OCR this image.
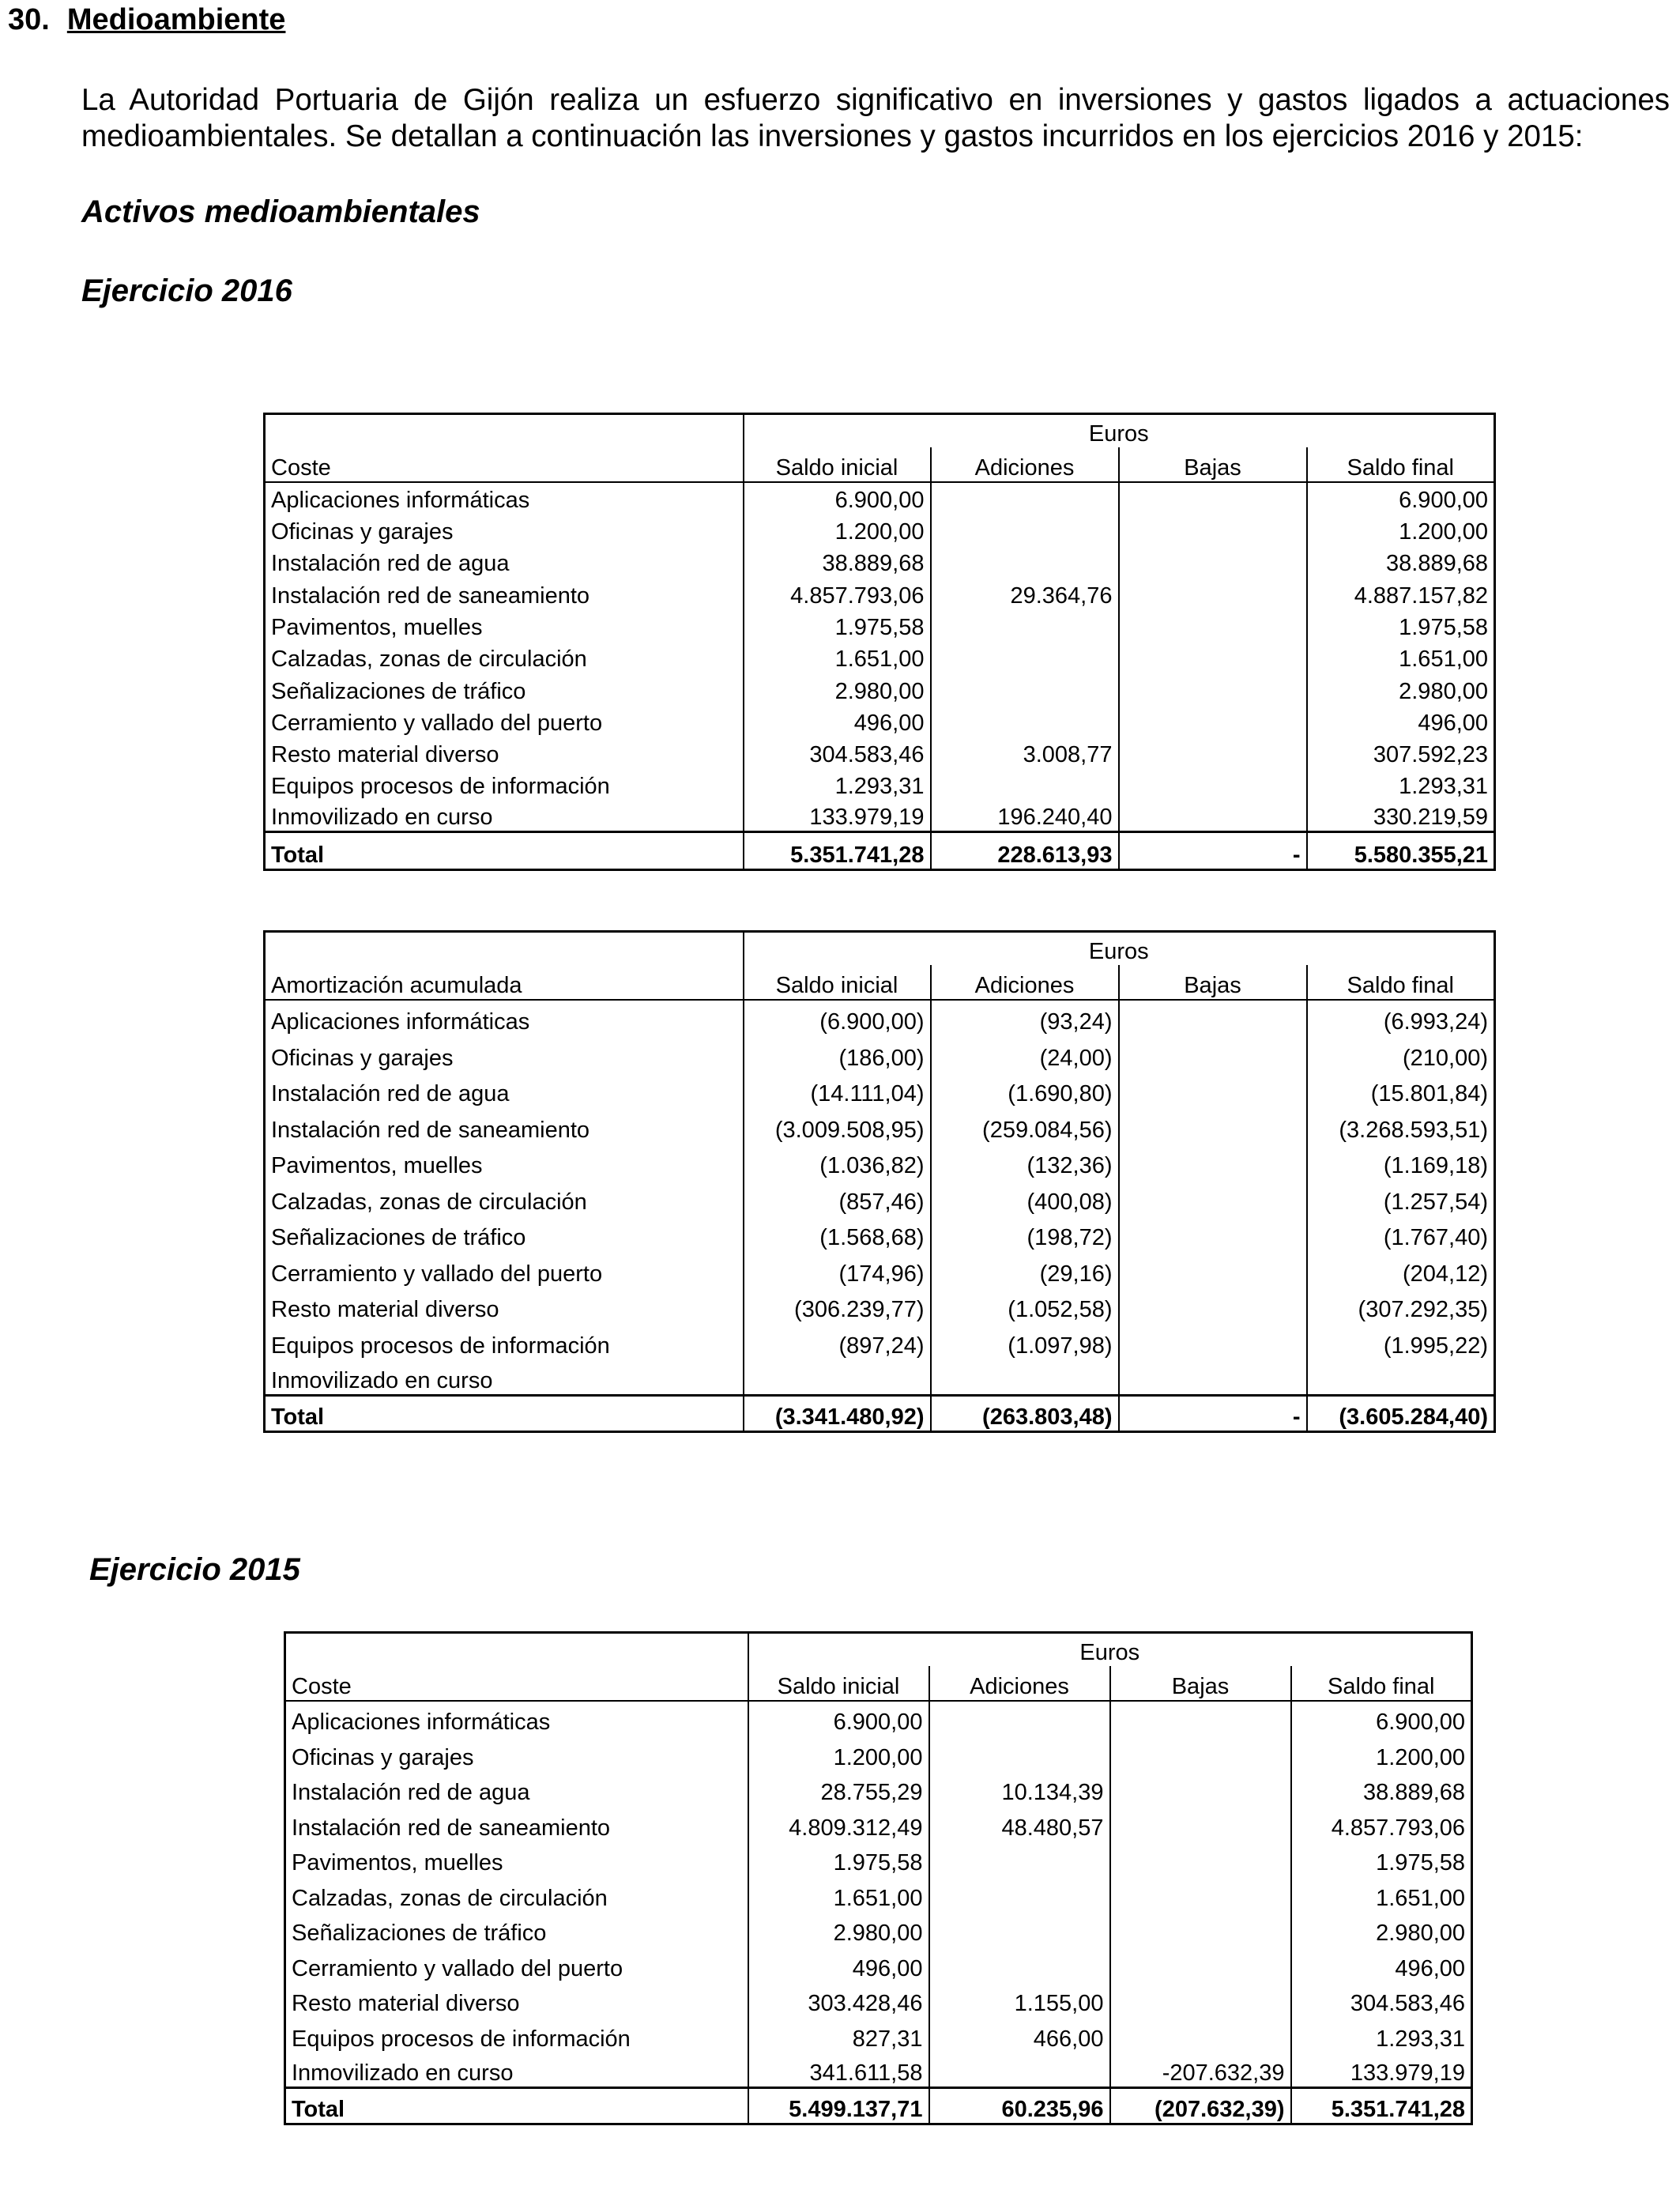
30. Medioambiente
La Autoridad Portuaria de Gijón realiza un esfuerzo significativo en inversiones y gastos ligados a actuaciones medioambientales. Se detallan a continuación las inversiones y gastos incurridos en los ejercicios 2016 y 2015:
Activos medioambientales
Ejercicio 2016
	Euros			
Coste	Saldo inicial	Adiciones	Bajas	Saldo final
Aplicaciones informáticas	6.900,00			6.900,00
Oficinas y garajes	1.200,00			1.200,00
Instalación red de agua	38.889,68			38.889,68
Instalación red de saneamiento	4.857.793,06	29.364,76		4.887.157,82
Pavimentos, muelles	1.975,58			1.975,58
Calzadas, zonas de circulación	1.651,00			1.651,00
Señalizaciones de tráfico	2.980,00			2.980,00
Cerramiento y vallado del puerto	496,00			496,00
Resto material diverso	304.583,46	3.008,77		307.592,23
Equipos procesos de información	1.293,31			1.293,31
Inmovilizado en curso	133.979,19	196.240,40		330.219,59
Total	5.351.741,28	228.613,93	-	5.580.355,21
	Euros			
Amortización acumulada	Saldo inicial	Adiciones	Bajas	Saldo final
Aplicaciones informáticas	(6.900,00)	(93,24)		(6.993,24)
Oficinas y garajes	(186,00)	(24,00)		(210,00)
Instalación red de agua	(14.111,04)	(1.690,80)		(15.801,84)
Instalación red de saneamiento	(3.009.508,95)	(259.084,56)		(3.268.593,51)
Pavimentos, muelles	(1.036,82)	(132,36)		(1.169,18)
Calzadas, zonas de circulación	(857,46)	(400,08)		(1.257,54)
Señalizaciones de tráfico	(1.568,68)	(198,72)		(1.767,40)
Cerramiento y vallado del puerto	(174,96)	(29,16)		(204,12)
Resto material diverso	(306.239,77)	(1.052,58)		(307.292,35)
Equipos procesos de información	(897,24)	(1.097,98)		(1.995,22)
Inmovilizado en curso				
Total	(3.341.480,92)	(263.803,48)	-	(3.605.284,40)
Ejercicio 2015
	Euros			
Coste	Saldo inicial	Adiciones	Bajas	Saldo final
Aplicaciones informáticas	6.900,00			6.900,00
Oficinas y garajes	1.200,00			1.200,00
Instalación red de agua	28.755,29	10.134,39		38.889,68
Instalación red de saneamiento	4.809.312,49	48.480,57		4.857.793,06
Pavimentos, muelles	1.975,58			1.975,58
Calzadas, zonas de circulación	1.651,00			1.651,00
Señalizaciones de tráfico	2.980,00			2.980,00
Cerramiento y vallado del puerto	496,00			496,00
Resto material diverso	303.428,46	1.155,00		304.583,46
Equipos procesos de información	827,31	466,00		1.293,31
Inmovilizado en curso	341.611,58		-207.632,39	133.979,19
Total	5.499.137,71	60.235,96	(207.632,39)	5.351.741,28
